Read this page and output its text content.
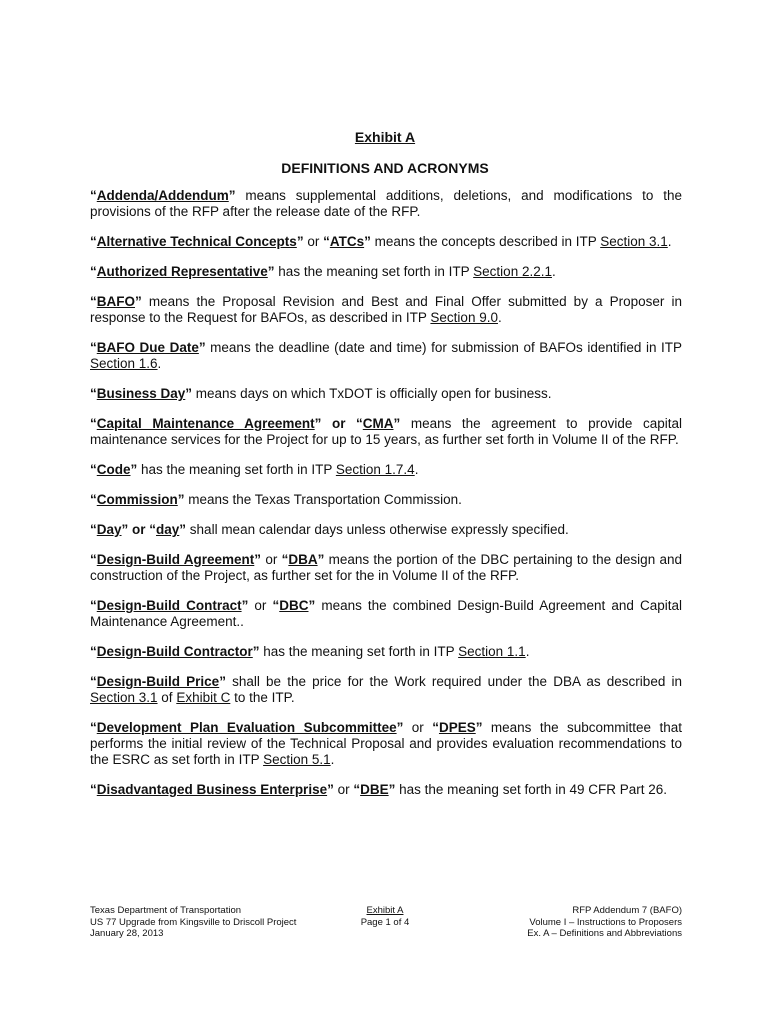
Exhibit A
DEFINITIONS AND ACRONYMS

“Addenda/Addendum” means supplemental additions, deletions, and modifications to the provisions of the RFP after the release date of the RFP.

“Alternative Technical Concepts” or “ATCs” means the concepts described in ITP Section 3.1.

“Authorized Representative” has the meaning set forth in ITP Section 2.2.1.

“BAFO” means the Proposal Revision and Best and Final Offer submitted by a Proposer in response to the Request for BAFOs, as described in ITP Section 9.0.

“BAFO Due Date” means the deadline (date and time) for submission of BAFOs identified in ITP Section 1.6.

“Business Day” means days on which TxDOT is officially open for business.

“Capital Maintenance Agreement” or “CMA” means the agreement to provide capital maintenance services for the Project for up to 15 years, as further set forth in Volume II of the RFP.

“Code” has the meaning set forth in ITP Section 1.7.4.

“Commission” means the Texas Transportation Commission.

“Day” or “day” shall mean calendar days unless otherwise expressly specified.

“Design-Build Agreement” or “DBA” means the portion of the DBC pertaining to the design and construction of the Project, as further set for the in Volume II of the RFP.

“Design-Build Contract” or “DBC” means the combined Design-Build Agreement and Capital Maintenance Agreement..

“Design-Build Contractor” has the meaning set forth in ITP Section 1.1.

“Design-Build Price” shall be the price for the Work required under the DBA as described in Section 3.1 of Exhibit C to the ITP.

“Development Plan Evaluation Subcommittee” or “DPES” means the subcommittee that performs the initial review of the Technical Proposal and provides evaluation recommendations to the ESRC as set forth in ITP Section 5.1.

“Disadvantaged Business Enterprise” or “DBE” has the meaning set forth in 49 CFR Part 26.

Texas Department of Transportation
US 77 Upgrade from Kingsville to Driscoll Project
January 28, 2013
Exhibit A
Page 1 of 4
RFP Addendum 7 (BAFO)
Volume I – Instructions to Proposers
Ex. A – Definitions and Abbreviations
